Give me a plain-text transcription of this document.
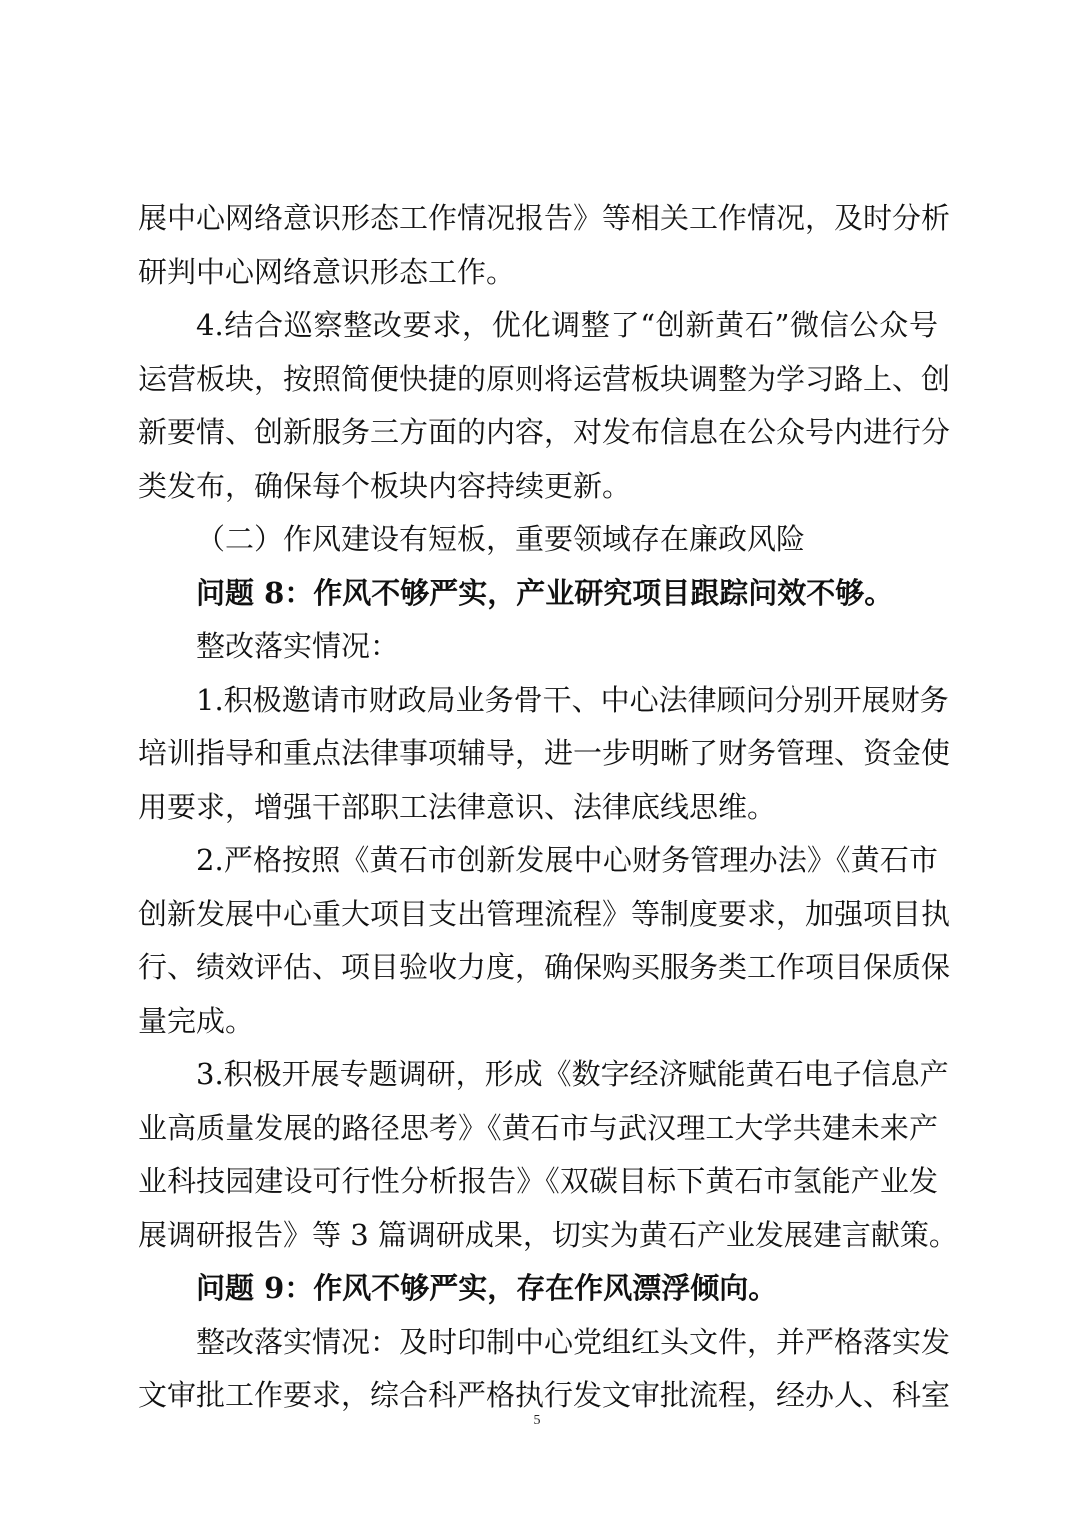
展中心网络意识形态工作情况报告》等相关工作情况，及时分析
研判中心网络意识形态工作。
4.结合巡察整改要求，优化调整了“创新黄石”微信公众号
运营板块，按照简便快捷的原则将运营板块调整为学习路上、创
新要情、创新服务三方面的内容，对发布信息在公众号内进行分
类发布，确保每个板块内容持续更新。
（二）作风建设有短板，重要领域存在廉政风险
问题 8：作风不够严实，产业研究项目跟踪问效不够。
整改落实情况：
1.积极邀请市财政局业务骨干、中心法律顾问分别开展财务
培训指导和重点法律事项辅导，进一步明晰了财务管理、资金使
用要求，增强干部职工法律意识、法律底线思维。
2.严格按照《黄石市创新发展中心财务管理办法》《黄石市
创新发展中心重大项目支出管理流程》等制度要求，加强项目执
行、绩效评估、项目验收力度，确保购买服务类工作项目保质保
量完成。
3.积极开展专题调研，形成《数字经济赋能黄石电子信息产
业高质量发展的路径思考》《黄石市与武汉理工大学共建未来产
业科技园建设可行性分析报告》《双碳目标下黄石市氢能产业发
展调研报告》等 3 篇调研成果，切实为黄石产业发展建言献策。
问题 9：作风不够严实，存在作风漂浮倾向。
整改落实情况：及时印制中心党组红头文件，并严格落实发
文审批工作要求，综合科严格执行发文审批流程，经办人、科室
5
